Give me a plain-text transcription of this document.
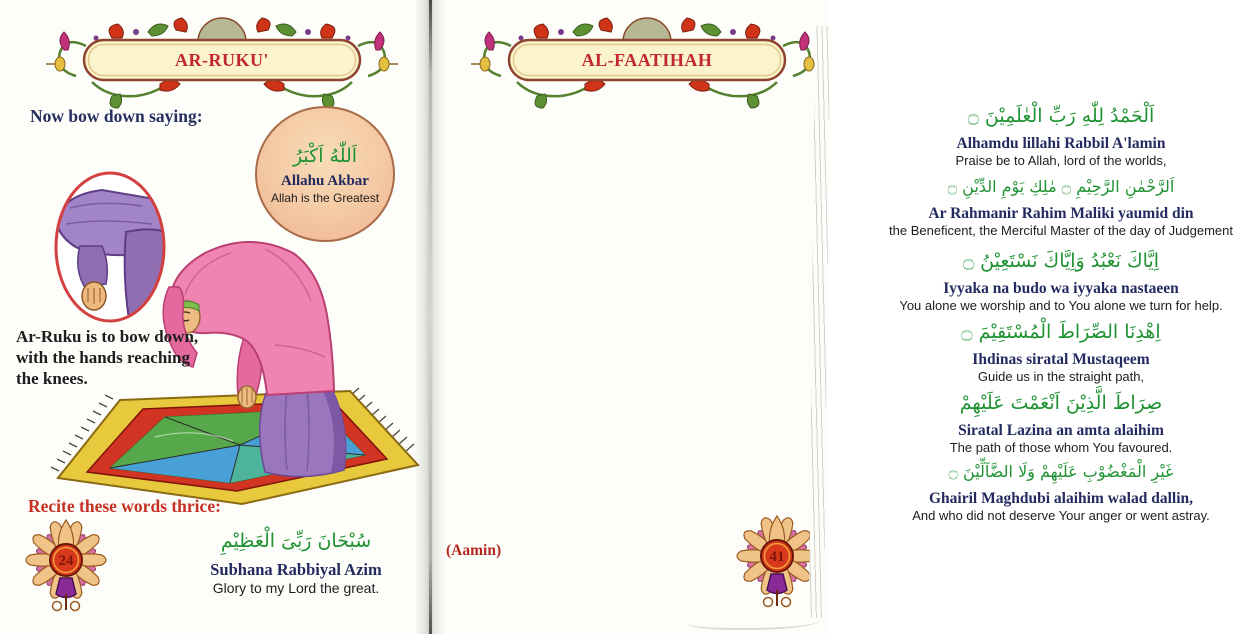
AR-RUKU'
Now bow down saying:
اَللّٰهُ اَكْبَرُ
Allahu Akbar
Allah is the Greatest
Ar-Ruku is to bow down,
with the hands reaching
the knees.
Recite these words thrice:
24
سُبْحَانَ رَبِّىَ الْعَظِيْمِ
Subhana Rabbiyal Azim
Glory to my Lord the great.
AL-FAATIHAH
اَلْحَمْدُ لِلّٰهِ رَبِّ الْعٰلَمِيْنَ ۝
Alhamdu lillahi Rabbil A'lamin
Praise be to Allah, lord of the worlds,
اَلرَّحْمٰنِ الرَّحِيْمِ ۝ مٰلِكِ يَوْمِ الدِّيْنِ ۝
Ar Rahmanir Rahim Maliki yaumid din
the Beneficent, the Merciful Master of the day of Judgement
اِيَّاكَ نَعْبُدُ وَاِيَّاكَ نَسْتَعِيْنُ ۝
Iyyaka na budo wa iyyaka nastaeen
You alone we worship and to You alone we turn for help.
اِهْدِنَا الصِّرَاطَ الْمُسْتَقِيْمَ ۝
Ihdinas siratal Mustaqeem
Guide us in the straight path,
صِرَاطَ الَّذِيْنَ اَنْعَمْتَ عَلَيْهِمْ
Siratal Lazina an amta alaihim
The path of those whom You favoured.
غَيْرِ الْمَغْضُوْبِ عَلَيْهِمْ وَلَا الضَّآلِّيْنَ ۝
Ghairil Maghdubi alaihim walad dallin,
And who did not deserve Your anger or went astray.
(Aamin)	41
